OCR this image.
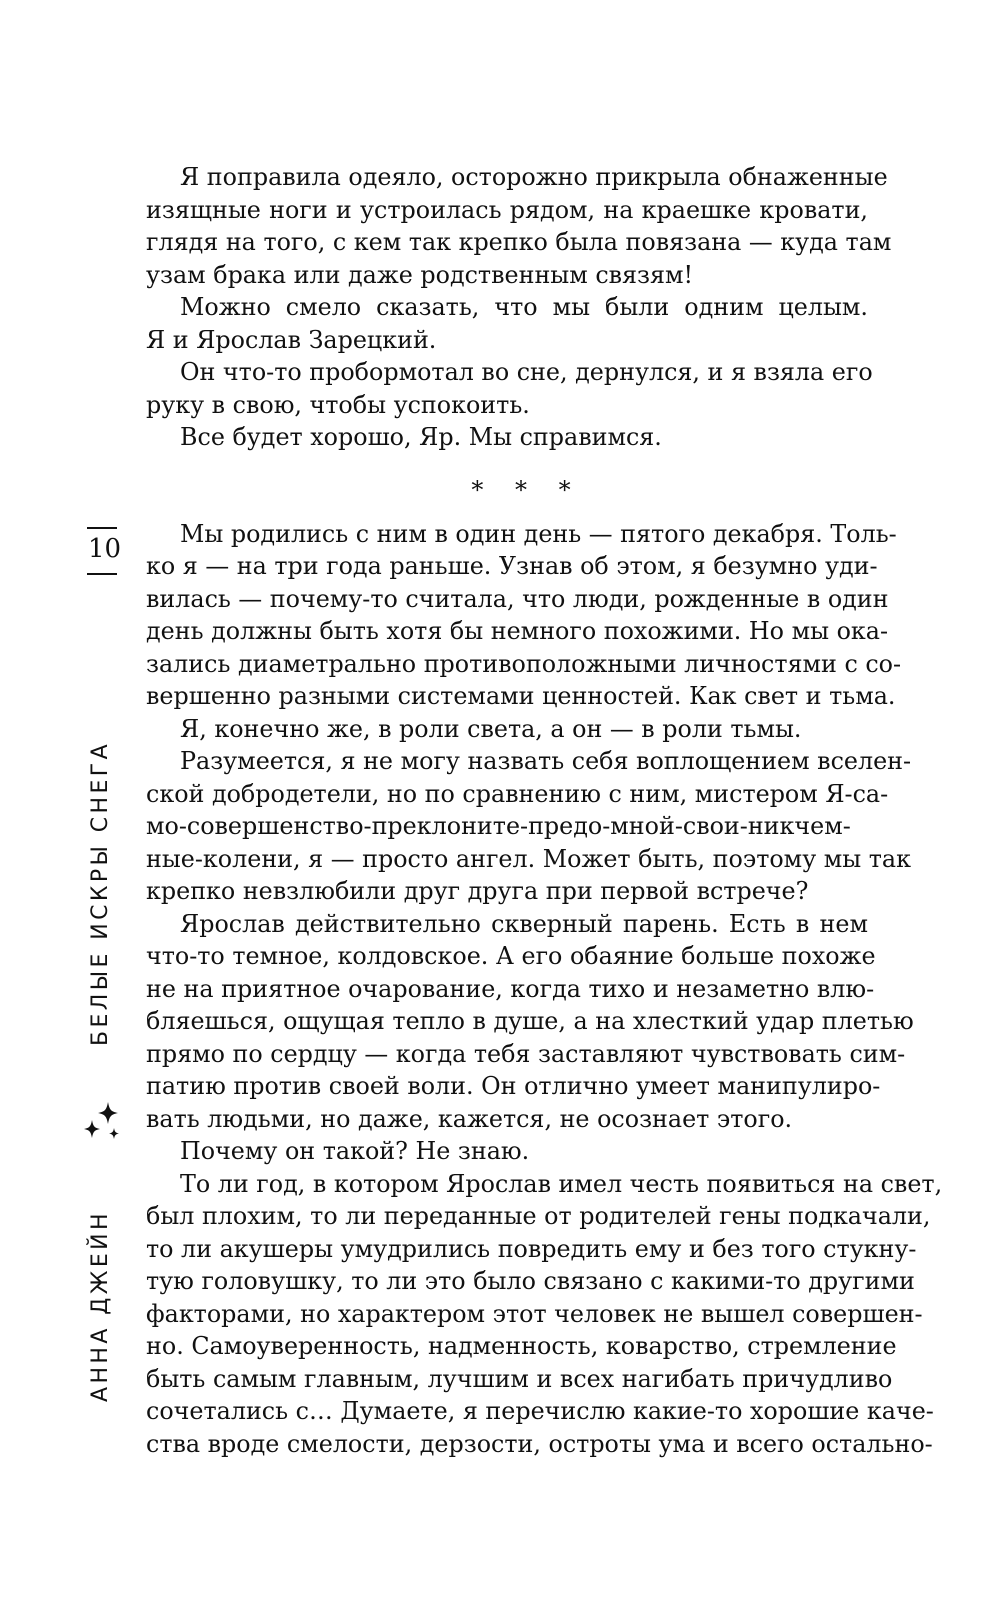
10
БЕЛЫЕ ИСКРЫ СНЕГА
АННА ДЖЕЙН
Я поправила одеяло, осторожно прикрыла обнаженные
изящные ноги и устроилась рядом, на краешке кровати,
глядя на того, с кем так крепко была повязана — куда там
узам брака или даже родственным связям!
Можно смело сказать, что мы были одним целым.
Я и Ярослав Зарецкий.
Он что-то пробормотал во сне, дернулся, и я взяла его
руку в свою, чтобы успокоить.
Все будет хорошо, Яр. Мы справимся.
* * *
Мы родились с ним в один день — пятого декабря. Толь-
ко я — на три года раньше. Узнав об этом, я безумно уди-
вилась — почему-то считала, что люди, рожденные в один
день должны быть хотя бы немного похожими. Но мы ока-
зались диаметрально противоположными личностями с со-
вершенно разными системами ценностей. Как свет и тьма.
Я, конечно же, в роли света, а он — в роли тьмы.
Разумеется, я не могу назвать себя воплощением вселен-
ской добродетели, но по сравнению с ним, мистером Я-са-
мо-совершенство-преклоните-предо-мной-свои-никчем-
ные-колени, я — просто ангел. Может быть, поэтому мы так
крепко невзлюбили друг друга при первой встрече?
Ярослав действительно скверный парень. Есть в нем
что-то темное, колдовское. А его обаяние больше похоже
не на приятное очарование, когда тихо и незаметно влю-
бляешься, ощущая тепло в душе, а на хлесткий удар плетью
прямо по сердцу — когда тебя заставляют чувствовать сим-
патию против своей воли. Он отлично умеет манипулиро-
вать людьми, но даже, кажется, не осознает этого.
Почему он такой? Не знаю.
То ли год, в котором Ярослав имел честь появиться на свет,
был плохим, то ли переданные от родителей гены подкачали,
то ли акушеры умудрились повредить ему и без того стукну-
тую головушку, то ли это было связано с какими-то другими
факторами, но характером этот человек не вышел совершен-
но. Самоуверенность, надменность, коварство, стремление
быть самым главным, лучшим и всех нагибать причудливо
сочетались с… Думаете, я перечислю какие-то хорошие каче-
ства вроде смелости, дерзости, остроты ума и всего остально-
